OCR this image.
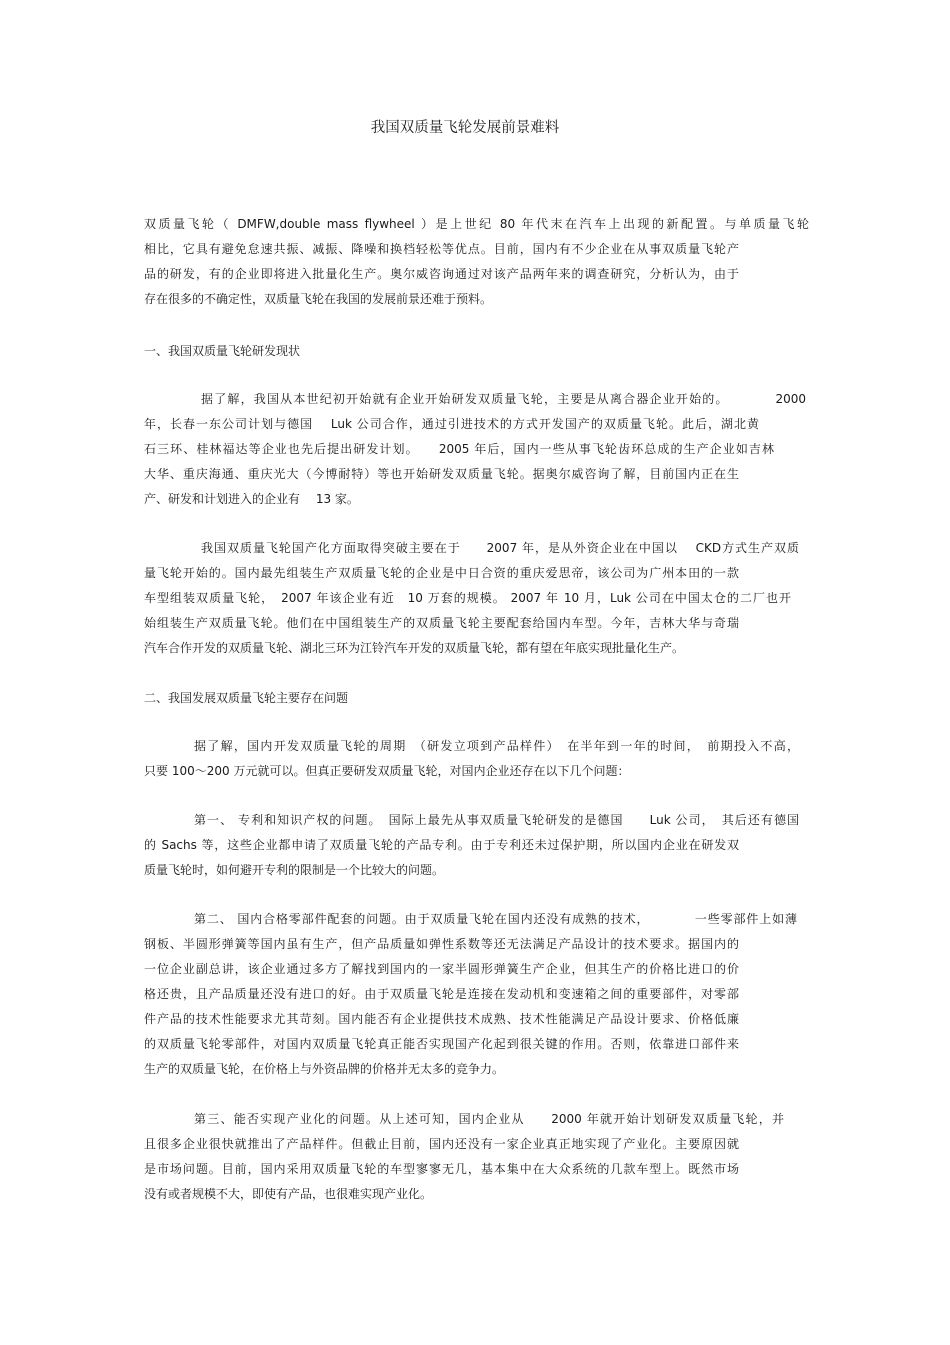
我国双质量飞轮发展前景难料
双质量飞轮（ DMFW,double mass flywheel ）是上世纪 80 年代末在汽车上出现的新配置。与单质量飞轮
相比，它具有避免怠速共振、减振、降噪和换档轻松等优点。目前，国内有不少企业在从事双质量飞轮产
品的研发，有的企业即将进入批量化生产。奥尔威咨询通过对该产品两年来的调查研究，分析认为，由于
存在很多的不确定性，双质量飞轮在我国的发展前景还难于预料。
一、我国双质量飞轮研发现状
据了解，我国从本世纪初开始就有企业开始研发双质量飞轮，主要是从离合器企业开始的。　　　　2000
年，长春一东公司计划与德国　 Luk 公司合作，通过引进技术的方式开发国产的双质量飞轮。此后，湖北黄
石三环、桂林福达等企业也先后提出研发计划。　　2005 年后，国内一些从事飞轮齿环总成的生产企业如吉林
大华、重庆海通、重庆光大（今博耐特）等也开始研发双质量飞轮。据奥尔威咨询了解，目前国内正在生
产、研发和计划进入的企业有　 13 家。
我国双质量飞轮国产化方面取得突破主要在于　　2007 年，是从外资企业在中国以　 CKD方式生产双质
量飞轮开始的。国内最先组装生产双质量飞轮的企业是中日合资的重庆爱思帝，该公司为广州本田的一款
车型组装双质量飞轮，　2007 年该企业有近　10 万套的规模。 2007 年 10 月，Luk 公司在中国太仓的二厂也开
始组装生产双质量飞轮。他们在中国组装生产的双质量飞轮主要配套给国内车型。今年，吉林大华与奇瑞
汽车合作开发的双质量飞轮、湖北三环为江铃汽车开发的双质量飞轮，都有望在年底实现批量化生产。
二、我国发展双质量飞轮主要存在问题
据了解，国内开发双质量飞轮的周期　（研发立项到产品样件）　在半年到一年的时间，　前期投入不高，
只要 100～200 万元就可以。但真正要研发双质量飞轮，对国内企业还存在以下几个问题：
第一、 专利和知识产权的问题。　国际上最先从事双质量飞轮研发的是德国　　Luk 公司，　其后还有德国
的 Sachs 等，这些企业都申请了双质量飞轮的产品专利。由于专利还未过保护期，所以国内企业在研发双
质量飞轮时，如何避开专利的限制是一个比较大的问题。
第二、 国内合格零部件配套的问题。由于双质量飞轮在国内还没有成熟的技术，　　　　一些零部件上如薄
钢板、半圆形弹簧等国内虽有生产，但产品质量如弹性系数等还无法满足产品设计的技术要求。据国内的
一位企业副总讲，该企业通过多方了解找到国内的一家半圆形弹簧生产企业，但其生产的价格比进口的价
格还贵，且产品质量还没有进口的好。由于双质量飞轮是连接在发动机和变速箱之间的重要部件，对零部
件产品的技术性能要求尤其苛刻。国内能否有企业提供技术成熟、技术性能满足产品设计要求、价格低廉
的双质量飞轮零部件，对国内双质量飞轮真正能否实现国产化起到很关键的作用。否则，依靠进口部件来
生产的双质量飞轮，在价格上与外资品牌的价格并无太多的竞争力。
第三、能否实现产业化的问题。从上述可知，国内企业从　　2000 年就开始计划研发双质量飞轮，并
且很多企业很快就推出了产品样件。但截止目前，国内还没有一家企业真正地实现了产业化。主要原因就
是市场问题。目前，国内采用双质量飞轮的车型寥寥无几，基本集中在大众系统的几款车型上。既然市场
没有或者规模不大，即使有产品，也很难实现产业化。
